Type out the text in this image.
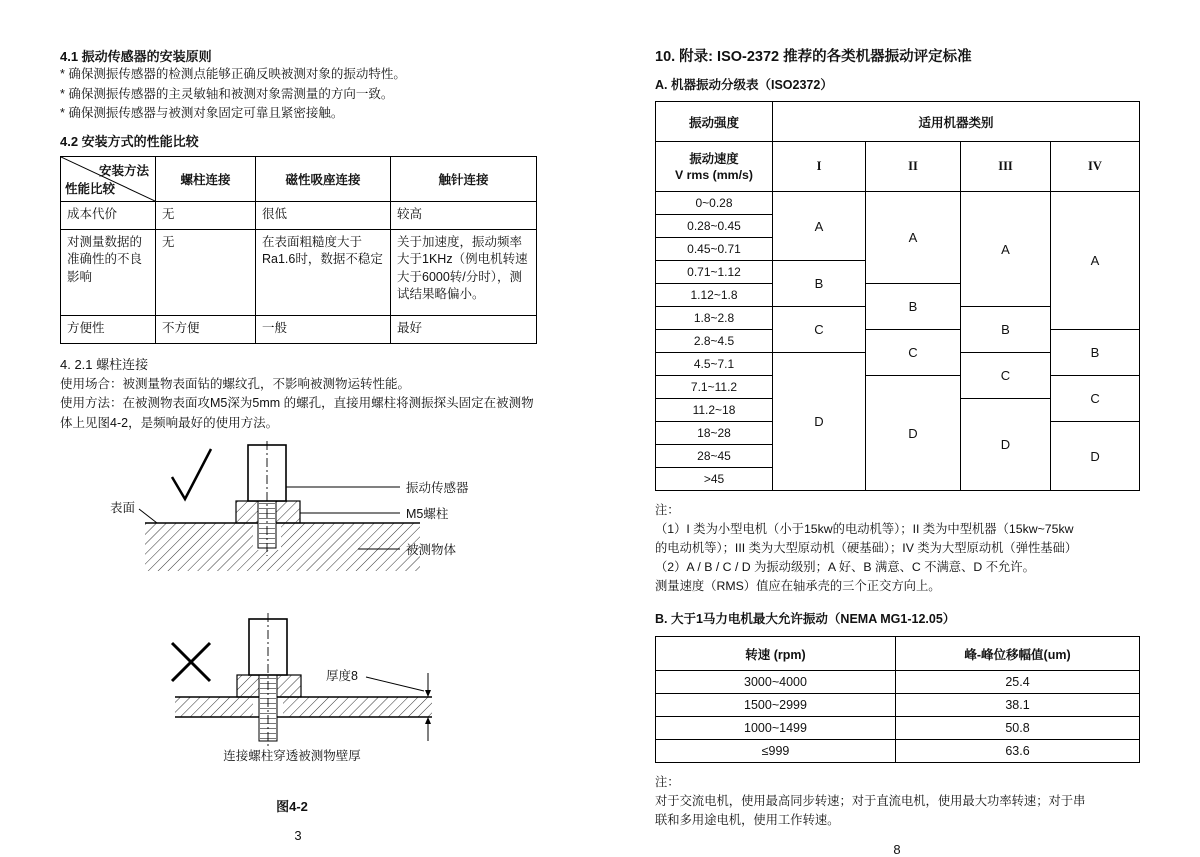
4.1 振动传感器的安装原则
* 确保测振传感器的检测点能够正确反映被测对象的振动特性。
* 确保测振传感器的主灵敏轴和被测对象需测量的方向一致。
* 确保测振传感器与被测对象固定可靠且紧密接触。
4.2 安装方式的性能比较
安装方法
性能比较	螺柱连接	磁性吸座连接	触针连接
成本代价	无	很低	较高
对测量数据的准确性的不良影响	无	在表面粗糙度大于Ra1.6时，数据不稳定	关于加速度，振动频率大于1KHz（例电机转速大于6000转/分时），测试结果略偏小。
方便性	不方便	一般	最好
4. 2.1 螺柱连接
使用场合：被测量物表面钻的螺纹孔，不影响被测物运转性能。
使用方法：在被测物表面攻M5深为5mm 的螺孔，直接用螺柱将测振探头固定在被测物体上见图4-2，是频响最好的使用方法。
表面
振动传感器
M5螺柱
被测物体
厚度8
连接螺柱穿透被测物壁厚
图4-2
3
10. 附录: ISO-2372 推荐的各类机器振动评定标准
A. 机器振动分级表（ISO2372）
振动强度	适用机器类别			

振动速度
V rms (mm/s)	I	II	III	IV
0~0.28	A	A	A	A
0.28~0.45				
0.45~0.71				
0.71~1.12	B			
1.12~1.8		B		
1.8~2.8	C		B	
2.8~4.5		C		B
4.5~7.1	D		C	
7.1~11.2		D		C
11.2~18			D	
18~28				D
28~45				
>45				
注：
（1）I 类为小型电机（小于15kw的电动机等）；II 类为中型机器（15kw~75kw
的电动机等）；III 类为大型原动机（硬基础）；IV 类为大型原动机（弹性基础）
（2）A / B / C / D 为振动级别；A 好、B 满意、C 不满意、D 不允许。
测量速度（RMS）值应在轴承壳的三个正交方向上。
B. 大于1马力电机最大允许振动（NEMA MG1-12.05）
转速 (rpm)	峰-峰位移幅值(um)
3000~4000	25.4
1500~2999	38.1
1000~1499	50.8
≤999	63.6
注：
对于交流电机，使用最高同步转速；对于直流电机，使用最大功率转速；对于串
联和多用途电机，使用工作转速。
8
